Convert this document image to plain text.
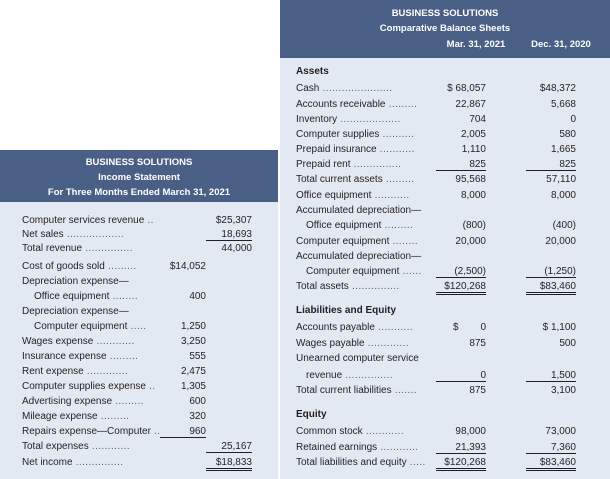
BUSINESS SOLUTIONS
Comparative Balance Sheets
Mar. 31, 2021	Dec. 31, 2020
Assets
Cash ......................	$ 68,057	$48,372
Accounts receivable .........	22,867	5,668
Inventory ...................	704	0
Computer supplies ..........	2,005	580
Prepaid insurance ...........	1,110	1,665
Prepaid rent ...............	825	825
Total current assets .........	95,568	57,110
Office equipment ...........	8,000	8,000
Accumulated depreciation—
Office equipment .........	(800)	(400)
Computer equipment ........	20,000	20,000
Accumulated depreciation—
Computer equipment ......	(2,500)	(1,250)
Total assets ...............	$120,268	$83,460
Liabilities and Equity
Accounts payable ...........	$	0	$ 1,100
Wages payable .............	875	500
Unearned computer service
revenue ...............	0	1,500
Total current liabilities .......	875	3,100
Equity
Common stock ............	98,000	73,000
Retained earnings ............	21,393	7,360
Total liabilities and equity .....	$120,268	$83,460
BUSINESS SOLUTIONS
Income Statement
For Three Months Ended March 31, 2021
Computer services revenue ..	$25,307
Net sales ..................	18,693
Total revenue ...............	44,000
Cost of goods sold .........	$14,052
Depreciation expense—
Office equipment ........	400
Depreciation expense—
Computer equipment .....	1,250
Wages expense ............	3,250
Insurance expense .........	555
Rent expense .............	2,475
Computer supplies expense ..	1,305
Advertising expense .........	600
Mileage expense .........	320
Repairs expense—Computer ..	960
Total expenses ............	25,167
Net income ...............	$18,833
